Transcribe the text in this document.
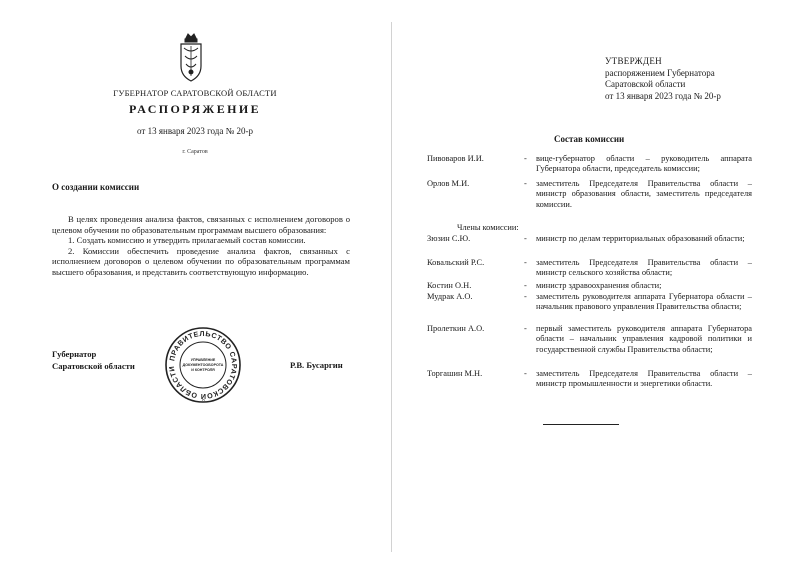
ГУБЕРНАТОР САРАТОВСКОЙ ОБЛАСТИ
РАСПОРЯЖЕНИЕ
от 13 января 2023 года № 20-р
г. Саратов
О создании комиссии

В целях проведения анализа фактов, связанных с исполнением договоров о целевом обучении по образовательным программам высшего образования:

1. Создать комиссию и утвердить прилагаемый состав комиссии.

2. Комиссии обеспечить проведение анализа фактов, связанных с исполнением договоров о целевом обучении по образовательным программам высшего образования, и представить соответствующую информацию.

Губернатор
Саратовской области
ПРАВИТЕЛЬСТВО САРАТОВСКОЙ ОБЛАСТИ
УПРАВЛЕНИЕ
ДОКУМЕНТООБОРОТА
И КОНТРОЛЯ	Р.В. Бусаргин
УТВЕРЖДЕН
распоряжением Губернатора
Саратовской области
от 13 января 2023 года № 20-р
Состав комиссии
Пивоваров И.И.	- вице-губернатор области – руководитель аппарата Губернатора области, председатель комиссии;
Орлов М.И.	- заместитель Председателя Правительства области – министр образования области, заместитель председателя комиссии.
Члены комиссии:
Зюзин С.Ю.	- министр по делам территориальных образований области;
Ковальский Р.С.	- заместитель Председателя Правительства области – министр сельского хозяйства области;
Костин О.Н.	- министр здравоохранения области;
Мудрак А.О.	- заместитель руководителя аппарата Губернатора области – начальник правового управления Правительства области;
Пролеткин А.О.	- первый заместитель руководителя аппарата Губернатора области – начальник управления кадровой политики и государственной службы Правительства области;
Торгашин М.Н.	- заместитель Председателя Правительства области – министр промышленности и энергетики области.
